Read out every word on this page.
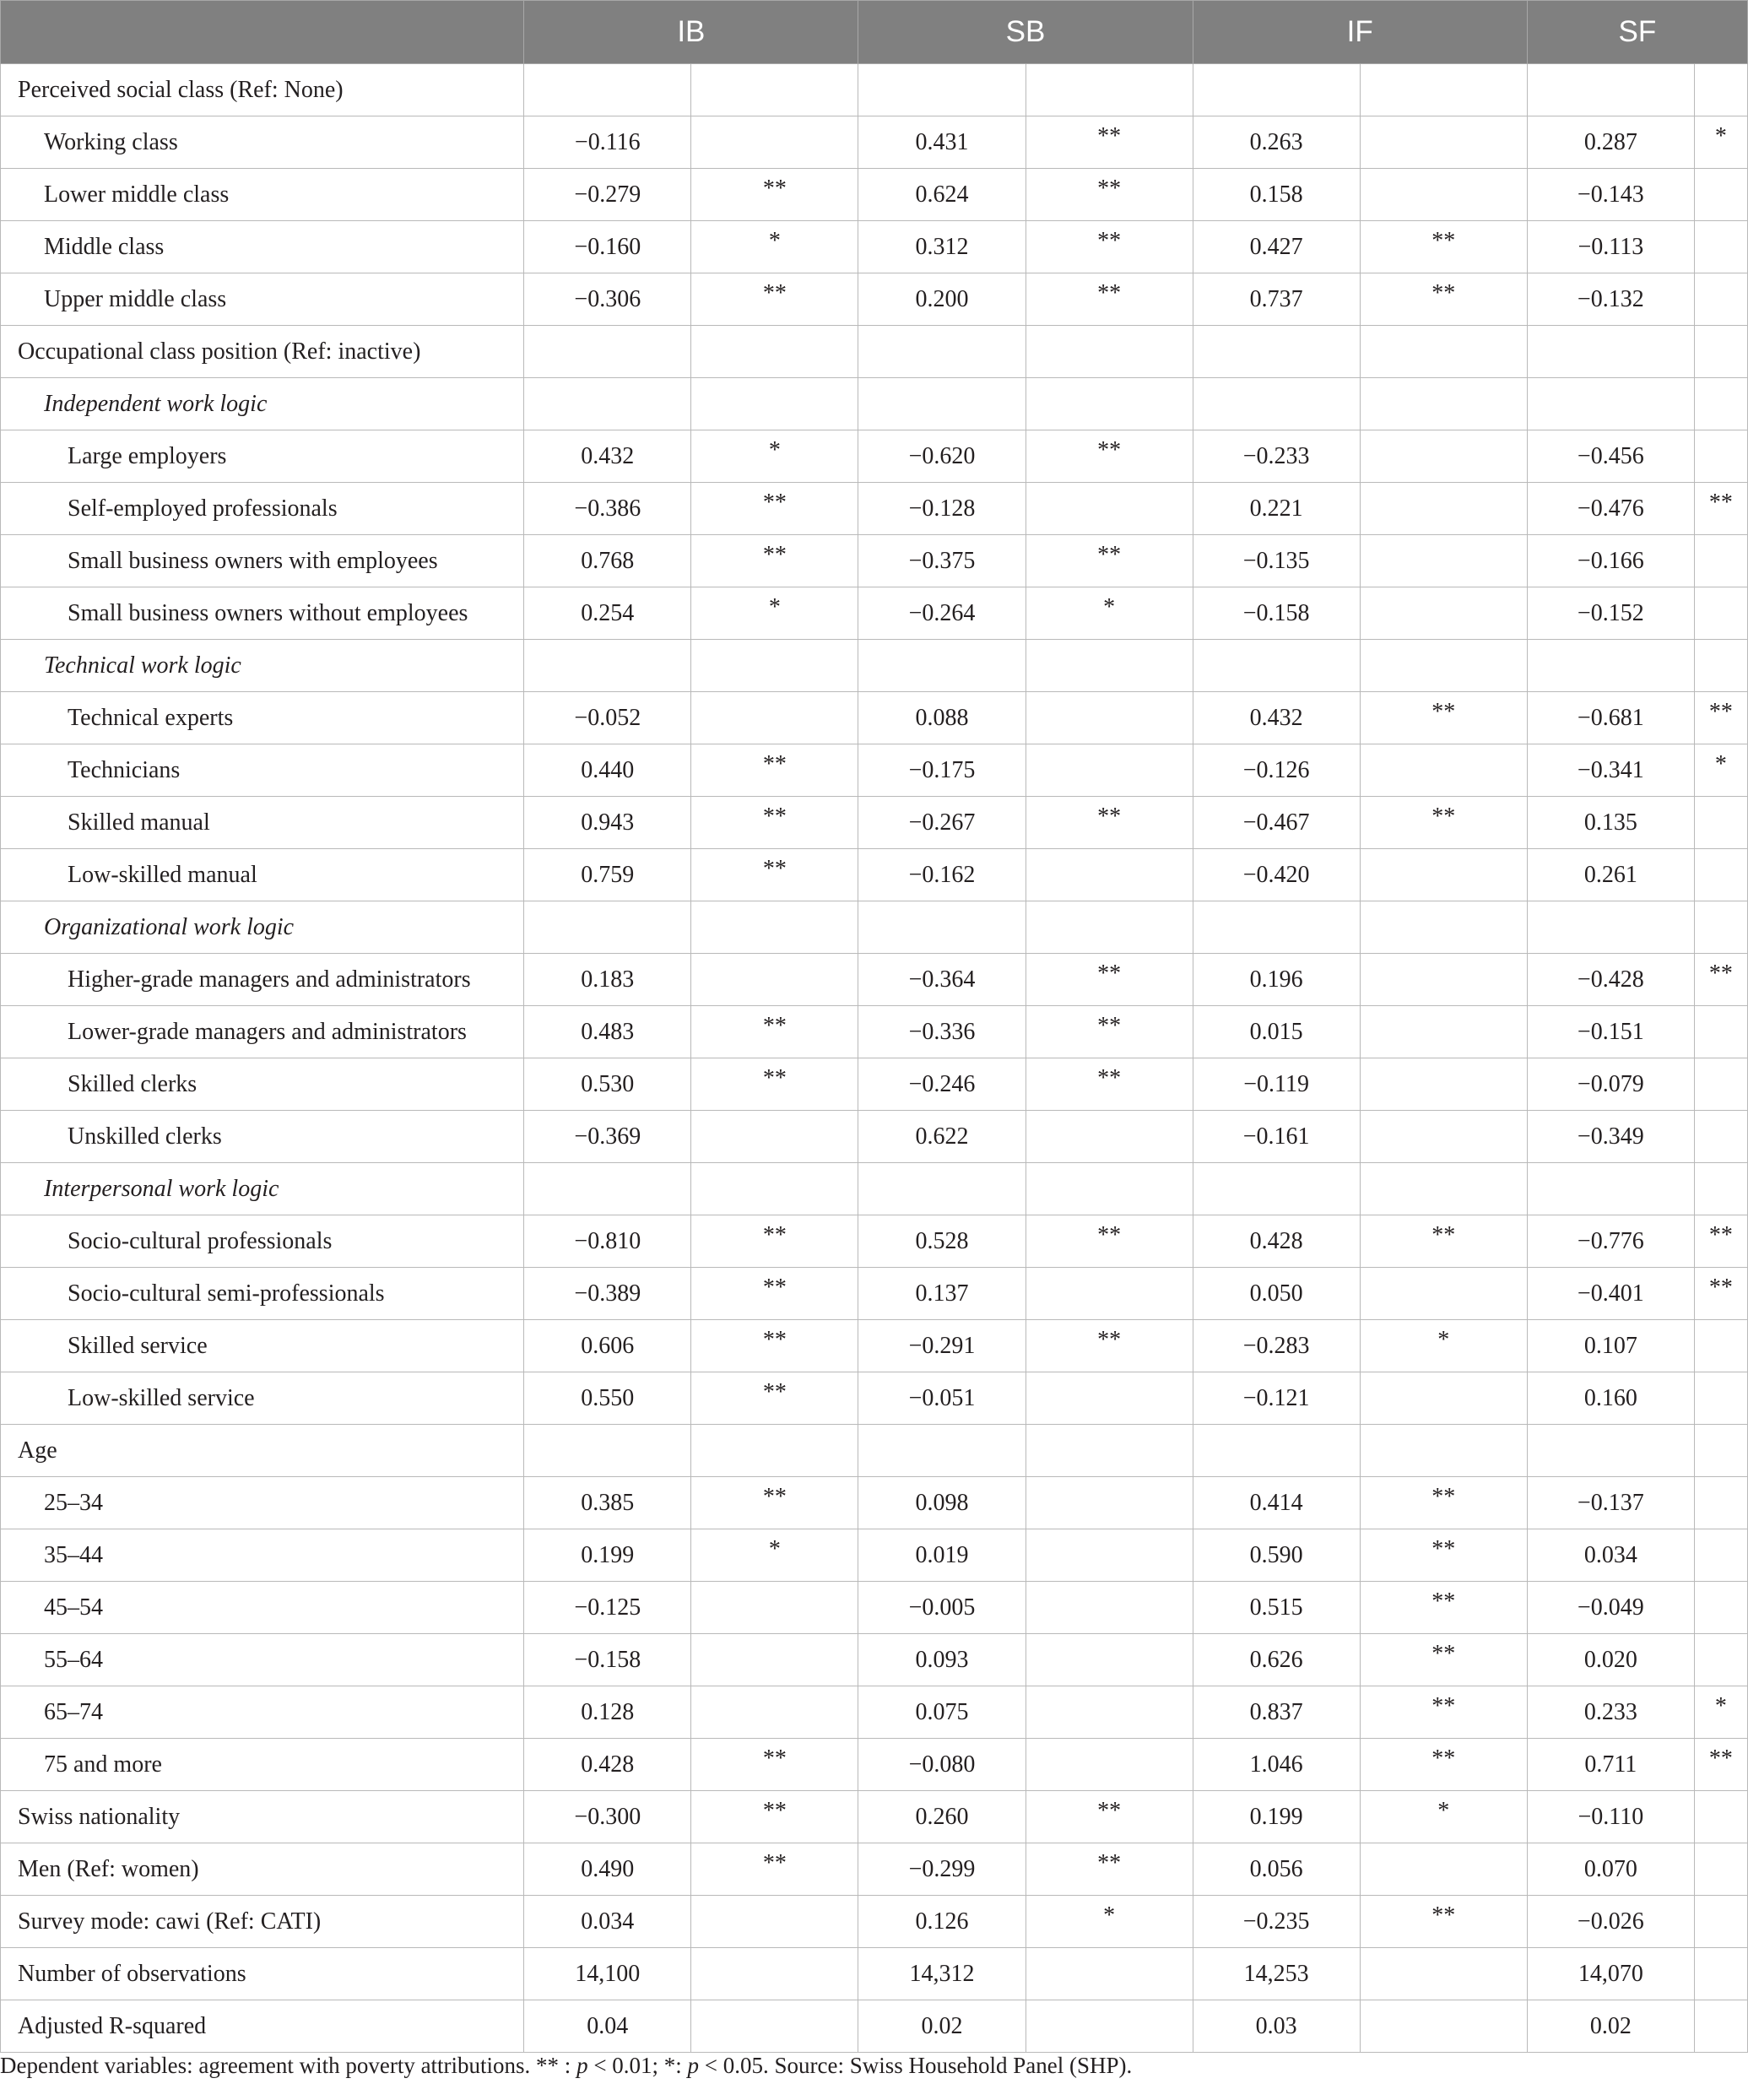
	IB		SB		IF		SF	
Perceived social class (Ref: None)								
Working class	−0.116		0.431	**	0.263		0.287	*
Lower middle class	−0.279	**	0.624	**	0.158		−0.143	
Middle class	−0.160	*	0.312	**	0.427	**	−0.113	
Upper middle class	−0.306	**	0.200	**	0.737	**	−0.132	
Occupational class position (Ref: inactive)								
Independent work logic								
Large employers	0.432	*	−0.620	**	−0.233		−0.456	
Self-employed professionals	−0.386	**	−0.128		0.221		−0.476	**
Small business owners with employees	0.768	**	−0.375	**	−0.135		−0.166	
Small business owners without employees	0.254	*	−0.264	*	−0.158		−0.152	
Technical work logic								
Technical experts	−0.052		0.088		0.432	**	−0.681	**
Technicians	0.440	**	−0.175		−0.126		−0.341	*
Skilled manual	0.943	**	−0.267	**	−0.467	**	0.135	
Low-skilled manual	0.759	**	−0.162		−0.420		0.261	
Organizational work logic								
Higher-grade managers and administrators	0.183		−0.364	**	0.196		−0.428	**
Lower-grade managers and administrators	0.483	**	−0.336	**	0.015		−0.151	
Skilled clerks	0.530	**	−0.246	**	−0.119		−0.079	
Unskilled clerks	−0.369		0.622		−0.161		−0.349	
Interpersonal work logic								
Socio-cultural professionals	−0.810	**	0.528	**	0.428	**	−0.776	**
Socio-cultural semi-professionals	−0.389	**	0.137		0.050		−0.401	**
Skilled service	0.606	**	−0.291	**	−0.283	*	0.107	
Low-skilled service	0.550	**	−0.051		−0.121		0.160	
Age								
25–34	0.385	**	0.098		0.414	**	−0.137	
35–44	0.199	*	0.019		0.590	**	0.034	
45–54	−0.125		−0.005		0.515	**	−0.049	
55–64	−0.158		0.093		0.626	**	0.020	
65–74	0.128		0.075		0.837	**	0.233	*
75 and more	0.428	**	−0.080		1.046	**	0.711	**
Swiss nationality	−0.300	**	0.260	**	0.199	*	−0.110	
Men (Ref: women)	0.490	**	−0.299	**	0.056		0.070	
Survey mode: cawi (Ref: CATI)	0.034		0.126	*	−0.235	**	−0.026	
Number of observations	14,100		14,312		14,253		14,070	
Adjusted R-squared	0.04		0.02		0.03		0.02	
Dependent variables: agreement with poverty attributions. ** : p < 0.01; *: p < 0.05. Source: Swiss Household Panel (SHP).
